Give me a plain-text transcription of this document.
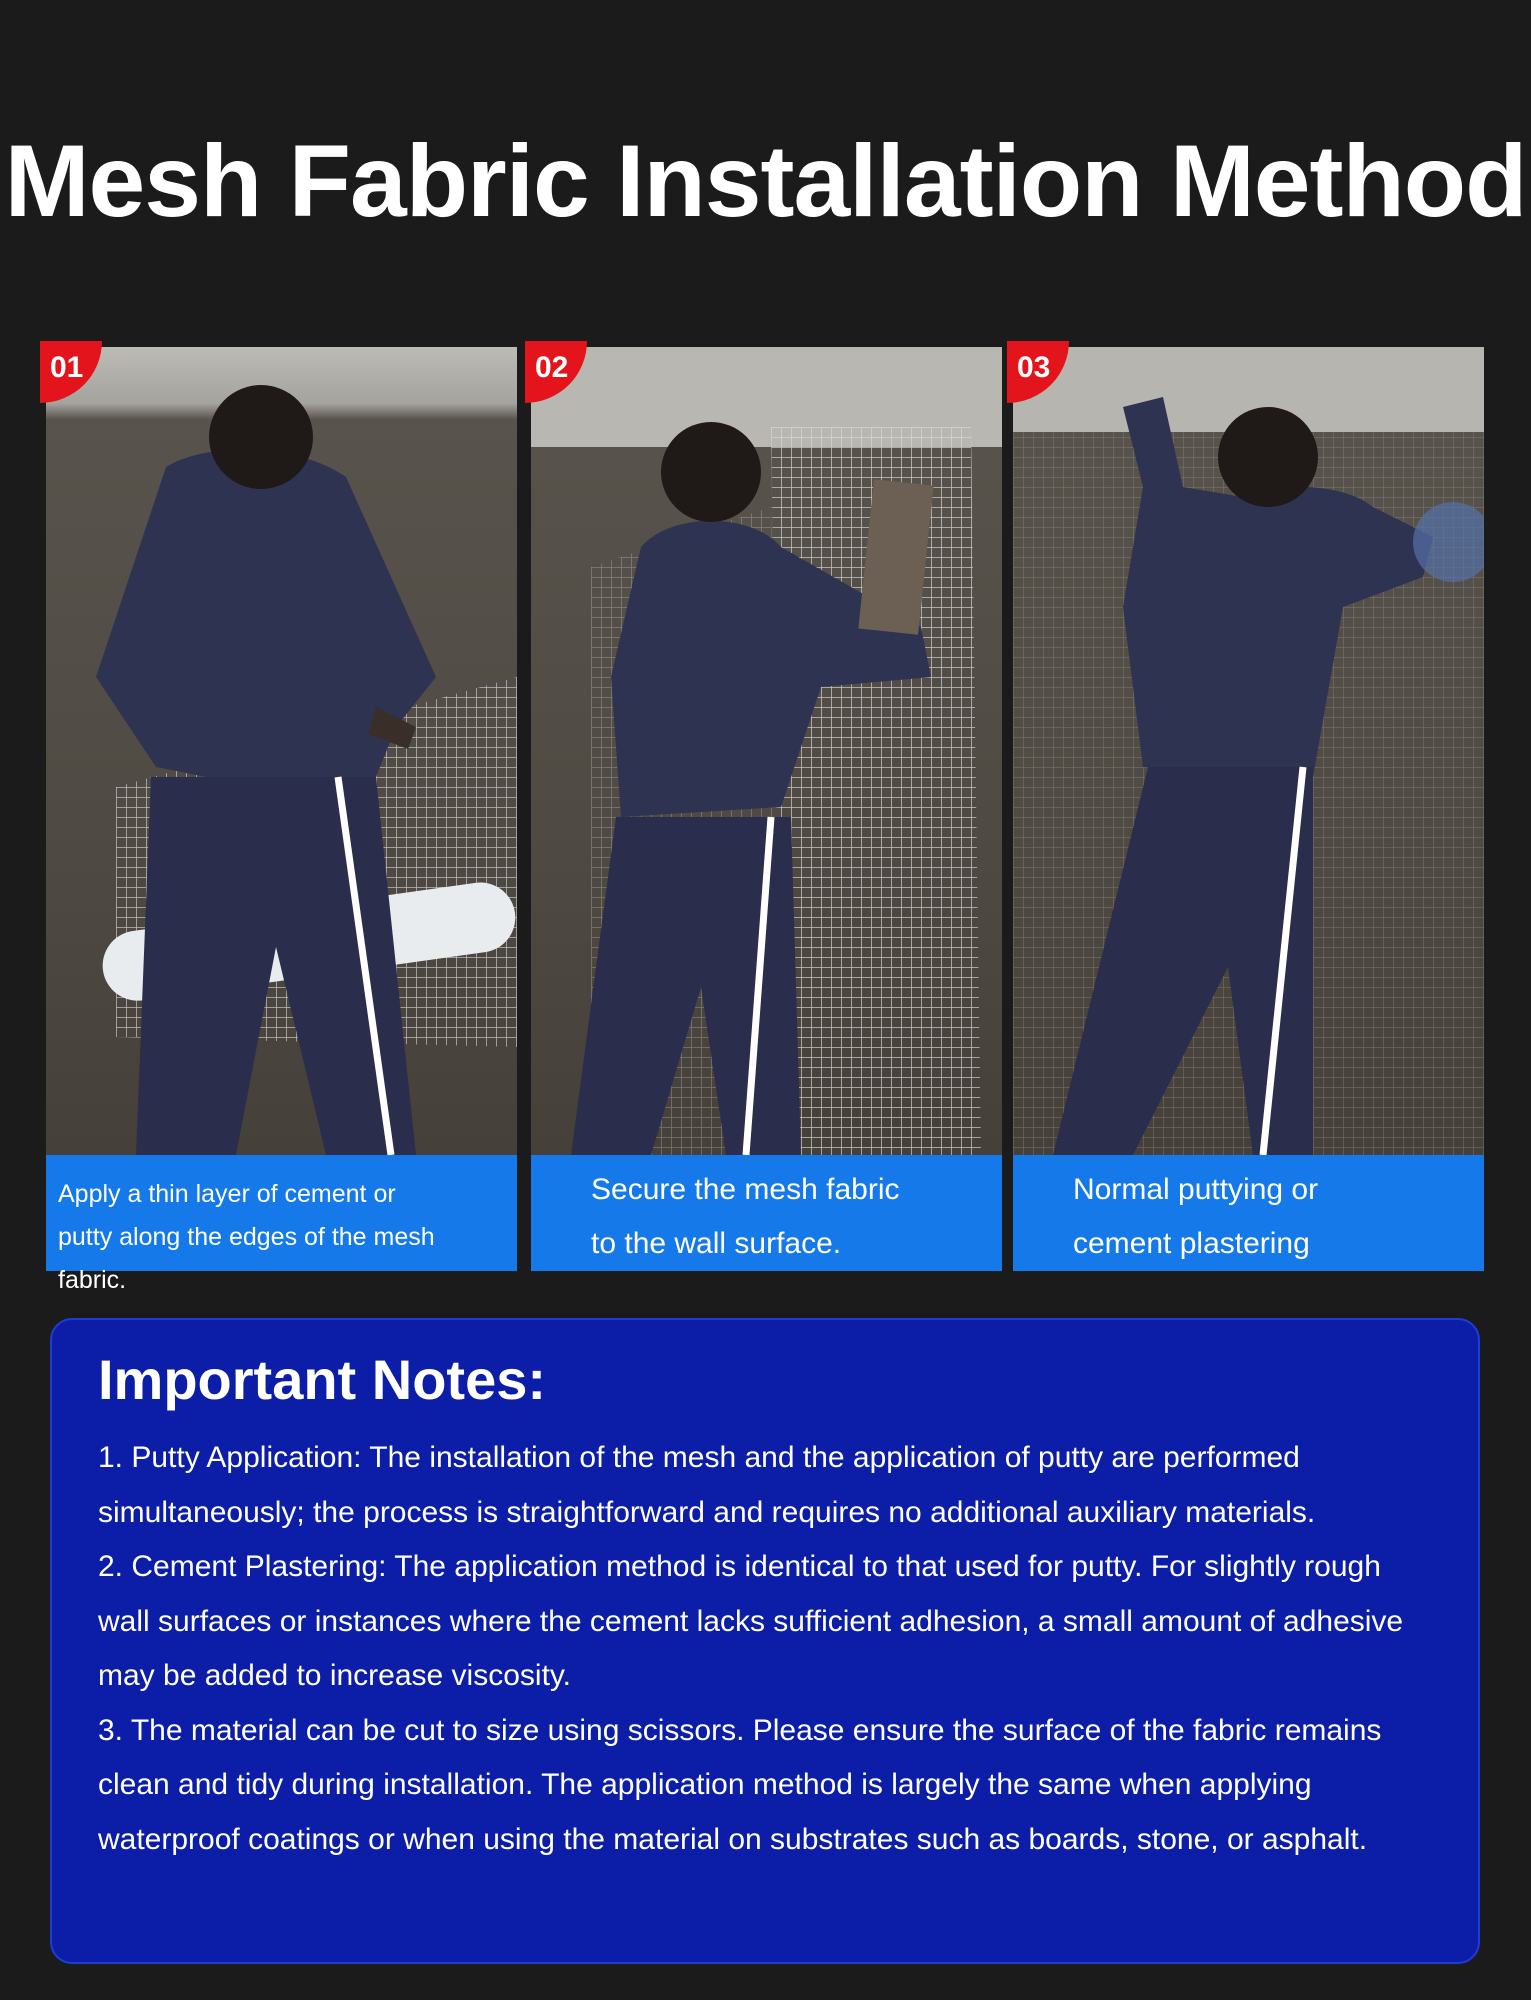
Mesh Fabric Installation Method
01
Apply a thin layer of cement or
putty along the edges of the mesh fabric.
02
Secure the mesh fabric
to the wall surface.
03
Normal puttying or
cement plastering
Important Notes:

1. Putty Application: The installation of the mesh and the application of putty are performed simultaneously; the process is straightforward and requires no additional auxiliary materials.

2. Cement Plastering: The application method is identical to that used for putty. For slightly rough wall surfaces or instances where the cement lacks sufficient adhesion, a small amount of adhesive may be added to increase viscosity.

3. The material can be cut to size using scissors. Please ensure the surface of the fabric remains clean and tidy during installation. The application method is largely the same when applying waterproof coatings or when using the material on substrates such as boards, stone, or asphalt.
